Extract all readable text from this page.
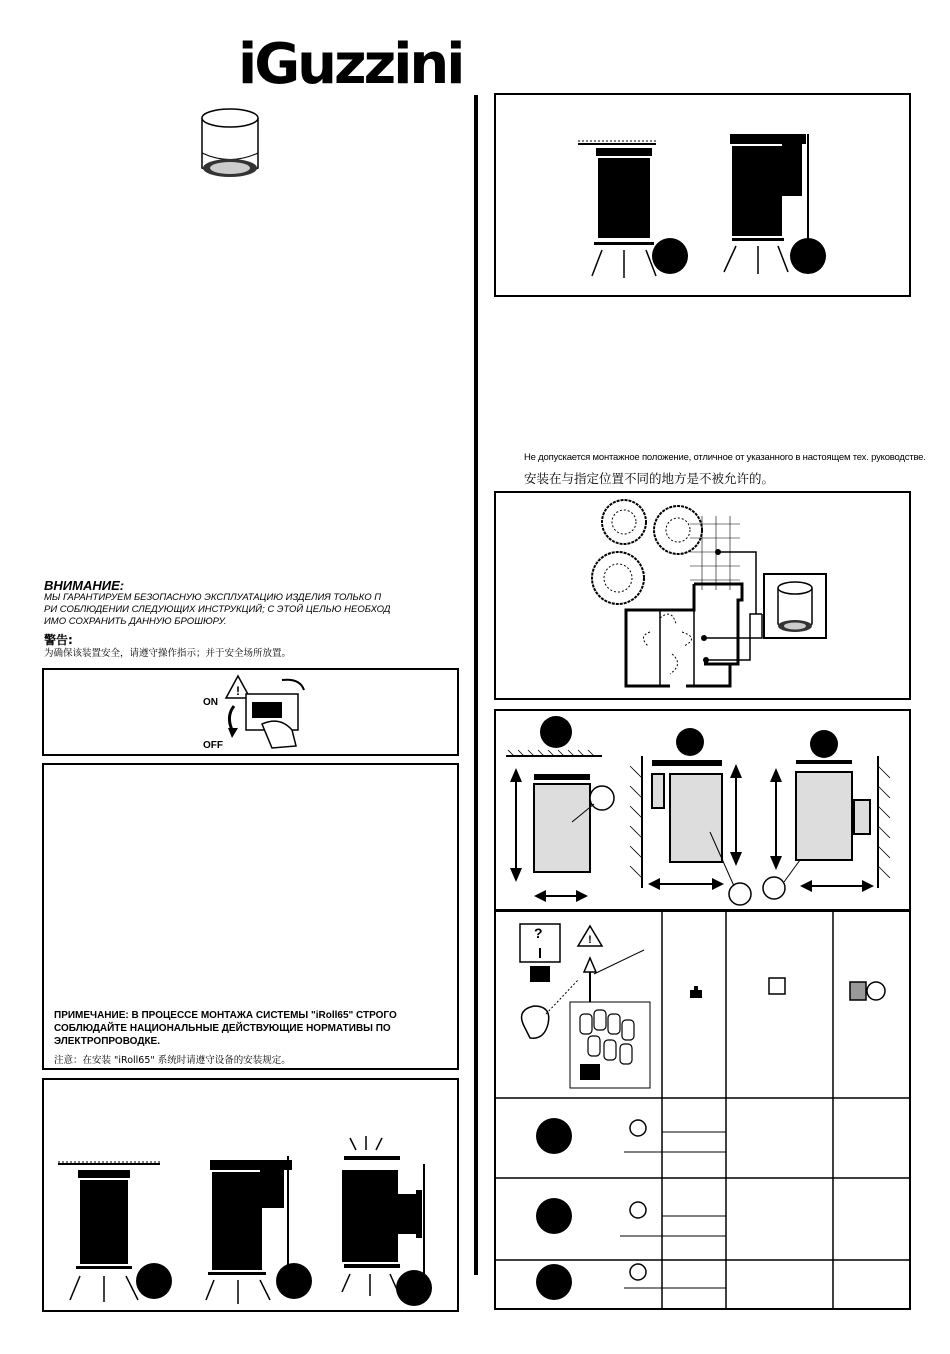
iGuzzini
ВНИМАНИЕ:
МЫ ГАРАНТИРУЕМ БЕЗОПАСНУЮ ЭКСПЛУАТАЦИЮ ИЗДЕЛИЯ ТОЛЬКО П
РИ СОБЛЮДЕНИИ СЛЕДУЮЩИХ ИНСТРУКЦИЙ; С ЭТОЙ ЦЕЛЬЮ НЕОБХОД
ИМО СОХРАНИТЬ ДАННУЮ БРОШЮРУ.
警告:
为确保该装置安全，请遵守操作指示；并于安全场所放置。
ON
OFF
!
ПРИМЕЧАНИЕ: В ПРОЦЕССЕ МОНТАЖА СИСТЕМЫ "iRoll65" СТРОГО
СОБЛЮДАЙТЕ НАЦИОНАЛЬНЫЕ ДЕЙСТВУЮЩИЕ НОРМАТИВЫ ПО
ЭЛЕКТРОПРОВОДКЕ.
注意：在安装 "iRoll65" 系统时请遵守设备的安装规定。
Не допускается монтажное положение, отличное от указанного в настоящем тех. руководстве.
安装在与指定位置不同的地方是不被允许的。
!
?
